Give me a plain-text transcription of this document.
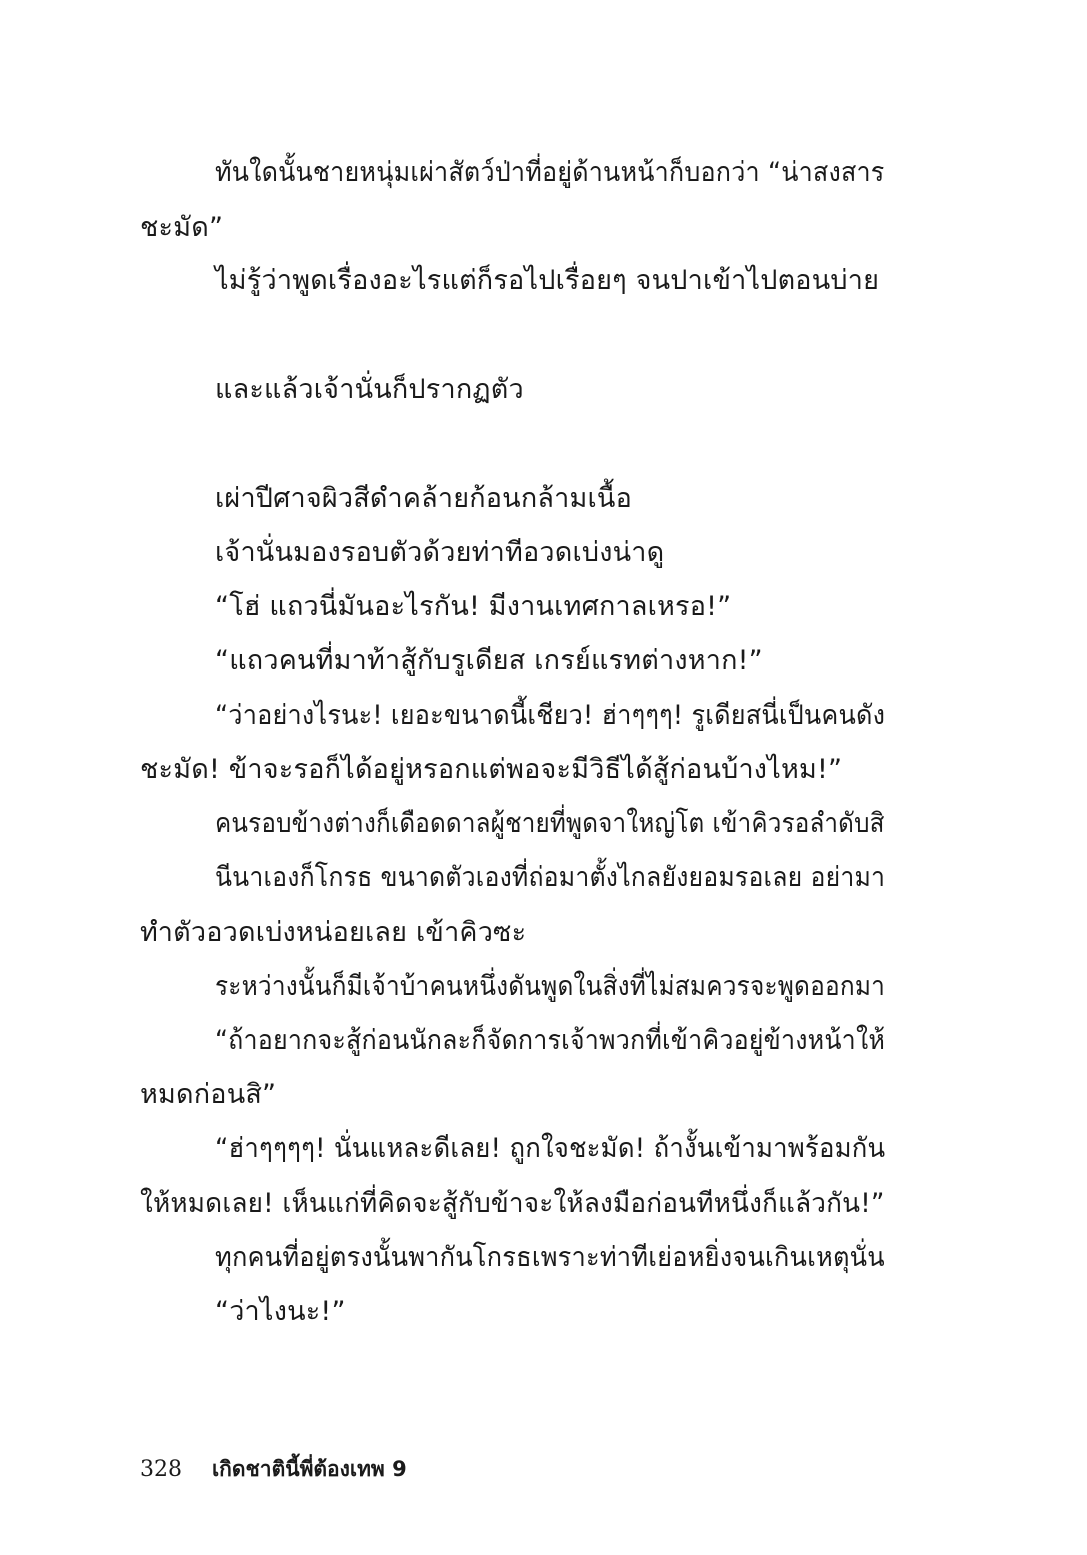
ทันใดนั้นชายหนุ่มเผ่าสัตว์ป่าที่อยู่ด้านหน้าก็บอกว่า “น่าสงสาร
ชะมัด”
ไม่รู้ว่าพูดเรื่องอะไรแต่ก็รอไปเรื่อยๆ จนปาเข้าไปตอนบ่าย
และแล้วเจ้านั่นก็ปรากฏตัว
เผ่าปีศาจผิวสีดำคล้ายก้อนกล้ามเนื้อ
เจ้านั่นมองรอบตัวด้วยท่าทีอวดเบ่งน่าดู
“โฮ่ แถวนี่มันอะไรกัน! มีงานเทศกาลเหรอ!”
“แถวคนที่มาท้าสู้กับรูเดียส เกรย์แรทต่างหาก!”
“ว่าอย่างไรนะ! เยอะขนาดนี้เชียว! ฮ่าๆๆๆ! รูเดียสนี่เป็นคนดัง
ชะมัด! ข้าจะรอก็ได้อยู่หรอกแต่พอจะมีวิธีได้สู้ก่อนบ้างไหม!”
คนรอบข้างต่างก็เดือดดาลผู้ชายที่พูดจาใหญ่โต เข้าคิวรอลำดับสิ
นีนาเองก็โกรธ ขนาดตัวเองที่ถ่อมาตั้งไกลยังยอมรอเลย อย่ามา
ทำตัวอวดเบ่งหน่อยเลย เข้าคิวซะ
ระหว่างนั้นก็มีเจ้าบ้าคนหนึ่งดันพูดในสิ่งที่ไม่สมควรจะพูดออกมา
“ถ้าอยากจะสู้ก่อนนักละก็จัดการเจ้าพวกที่เข้าคิวอยู่ข้างหน้าให้
หมดก่อนสิ”
“ฮ่าๆๆๆๆ! นั่นแหละดีเลย! ถูกใจชะมัด! ถ้างั้นเข้ามาพร้อมกัน
ให้หมดเลย! เห็นแก่ที่คิดจะสู้กับข้าจะให้ลงมือก่อนทีหนึ่งก็แล้วกัน!”
ทุกคนที่อยู่ตรงนั้นพากันโกรธเพราะท่าทีเย่อหยิ่งจนเกินเหตุนั่น
“ว่าไงนะ!”
328 เกิดชาตินี้พี่ต้องเทพ 9
